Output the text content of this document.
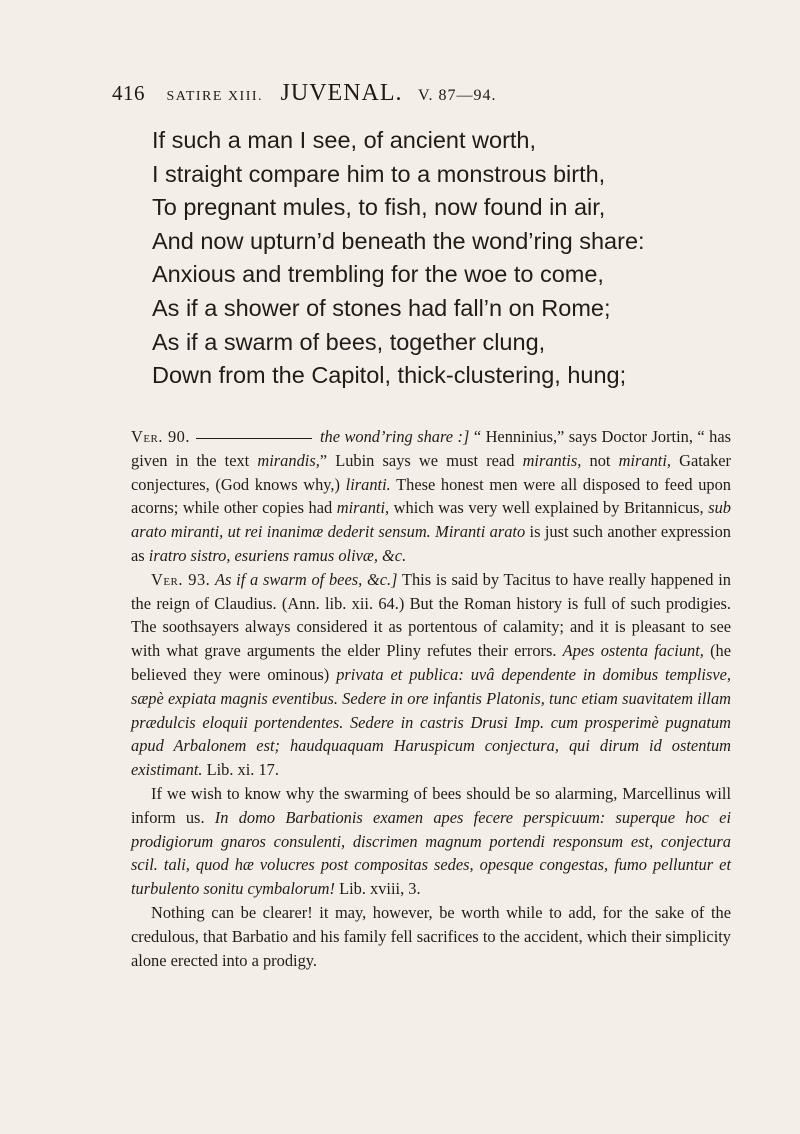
416 SATIRE XIII. JUVENAL. V. 87—94.
If such a man I see, of ancient worth,
I straight compare him to a monstrous birth,
To pregnant mules, to fish, now found in air,
And now upturn’d beneath the wond’ring share:
Anxious and trembling for the woe to come,
As if a shower of stones had fall’n on Rome;
As if a swarm of bees, together clung,
Down from the Capitol, thick-clustering, hung;

Ver. 90.	the wond’ring share :] “ Henninius,” says Doctor Jortin, “ has given in the text mirandis,” Lubin says we must read mirantis, not miranti, Gataker conjectures, (God knows why,) liranti. These honest men were all disposed to feed upon acorns; while other copies had miranti, which was very well explained by Britannicus, sub arato miranti, ut rei inanimæ dederit sensum. Miranti arato is just such another expression as iratro sistro, esuriens ramus olivæ, &c.

Ver. 93. As if a swarm of bees, &c.] This is said by Tacitus to have really happened in the reign of Claudius. (Ann. lib. xii. 64.) But the Roman history is full of such prodigies. The soothsayers always considered it as portentous of calamity; and it is pleasant to see with what grave arguments the elder Pliny refutes their errors. Apes ostenta faciunt, (he believed they were ominous) privata et publica: uvâ dependente in domibus templisve, sæpè expiata magnis eventibus. Sedere in ore infantis Platonis, tunc etiam suavitatem illam prædulcis eloquii portendentes. Sedere in castris Drusi Imp. cum prosperimè pugnatum apud Arbalonem est; haudquaquam Haruspicum conjectura, qui dirum id ostentum existimant. Lib. xi. 17.

If we wish to know why the swarming of bees should be so alarming, Marcellinus will inform us. In domo Barbationis examen apes fecere perspicuum: superque hoc ei prodigiorum gnaros consulenti, discrimen magnum portendi responsum est, conjectura scil. tali, quod hæ volucres post compositas sedes, opesque congestas, fumo pelluntur et turbulento sonitu cymbalorum! Lib. xviii, 3.

Nothing can be clearer! it may, however, be worth while to add, for the sake of the credulous, that Barbatio and his family fell sacrifices to the accident, which their simplicity alone erected into a prodigy.
